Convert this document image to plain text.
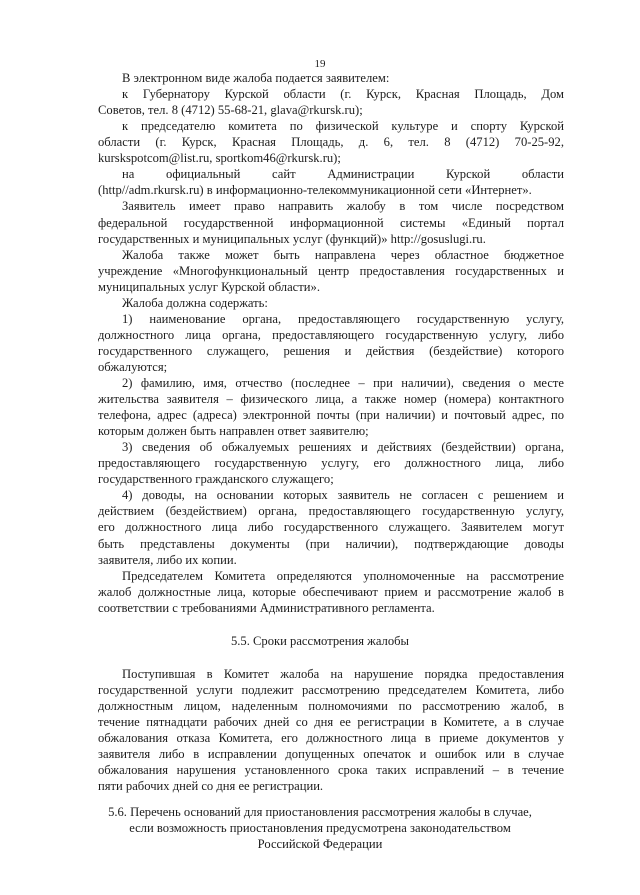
19
В электронном виде жалоба подается заявителем:
к Губернатору Курской области (г. Курск, Красная Площадь, Дом
Советов, тел. 8 (4712) 55-68-21, glava@rkursk.ru);
к председателю комитета по физической культуре и спорту Курской
области (г. Курск, Красная Площадь, д. 6, тел. 8 (4712) 70-25-92,
kurskspotcom@list.ru, sportkom46@rkursk.ru);
на официальный сайт Администрации Курской области
(http//adm.rkursk.ru) в информационно-телекоммуникационной сети «Интернет».
Заявитель имеет право направить жалобу в том числе посредством
федеральной государственной информационной системы «Единый портал
государственных и муниципальных услуг (функций)» http://gosuslugi.ru.
Жалоба также может быть направлена через областное бюджетное
учреждение «Многофункциональный центр предоставления государственных и
муниципальных услуг Курской области».
Жалоба должна содержать:
1) наименование органа, предоставляющего государственную услугу,
должностного лица органа, предоставляющего государственную услугу, либо
государственного служащего, решения и действия (бездействие) которого
обжалуются;
2) фамилию, имя, отчество (последнее – при наличии), сведения о месте
жительства заявителя – физического лица, а также номер (номера) контактного
телефона, адрес (адреса) электронной почты (при наличии) и почтовый адрес, по
которым должен быть направлен ответ заявителю;
3) сведения об обжалуемых решениях и действиях (бездействии) органа,
предоставляющего государственную услугу, его должностного лица, либо
государственного гражданского служащего;
4) доводы, на основании которых заявитель не согласен с решением и
действием (бездействием) органа, предоставляющего государственную услугу,
его должностного лица либо государственного служащего. Заявителем могут
быть представлены документы (при наличии), подтверждающие доводы
заявителя, либо их копии.
Председателем Комитета определяются уполномоченные на рассмотрение
жалоб должностные лица, которые обеспечивают прием и рассмотрение жалоб в
соответствии с требованиями Административного регламента.
5.5. Сроки рассмотрения жалобы
Поступившая в Комитет жалоба на нарушение порядка предоставления
государственной услуги подлежит рассмотрению председателем Комитета, либо
должностным лицом, наделенным полномочиями по рассмотрению жалоб, в
течение пятнадцати рабочих дней со дня ее регистрации в Комитете, а в случае
обжалования отказа Комитета, его должностного лица в приеме документов у
заявителя либо в исправлении допущенных опечаток и ошибок или в случае
обжалования нарушения установленного срока таких исправлений – в течение
пяти рабочих дней со дня ее регистрации.
5.6. Перечень оснований для приостановления рассмотрения жалобы в случае,
если возможность приостановления предусмотрена законодательством
Российской Федерации
